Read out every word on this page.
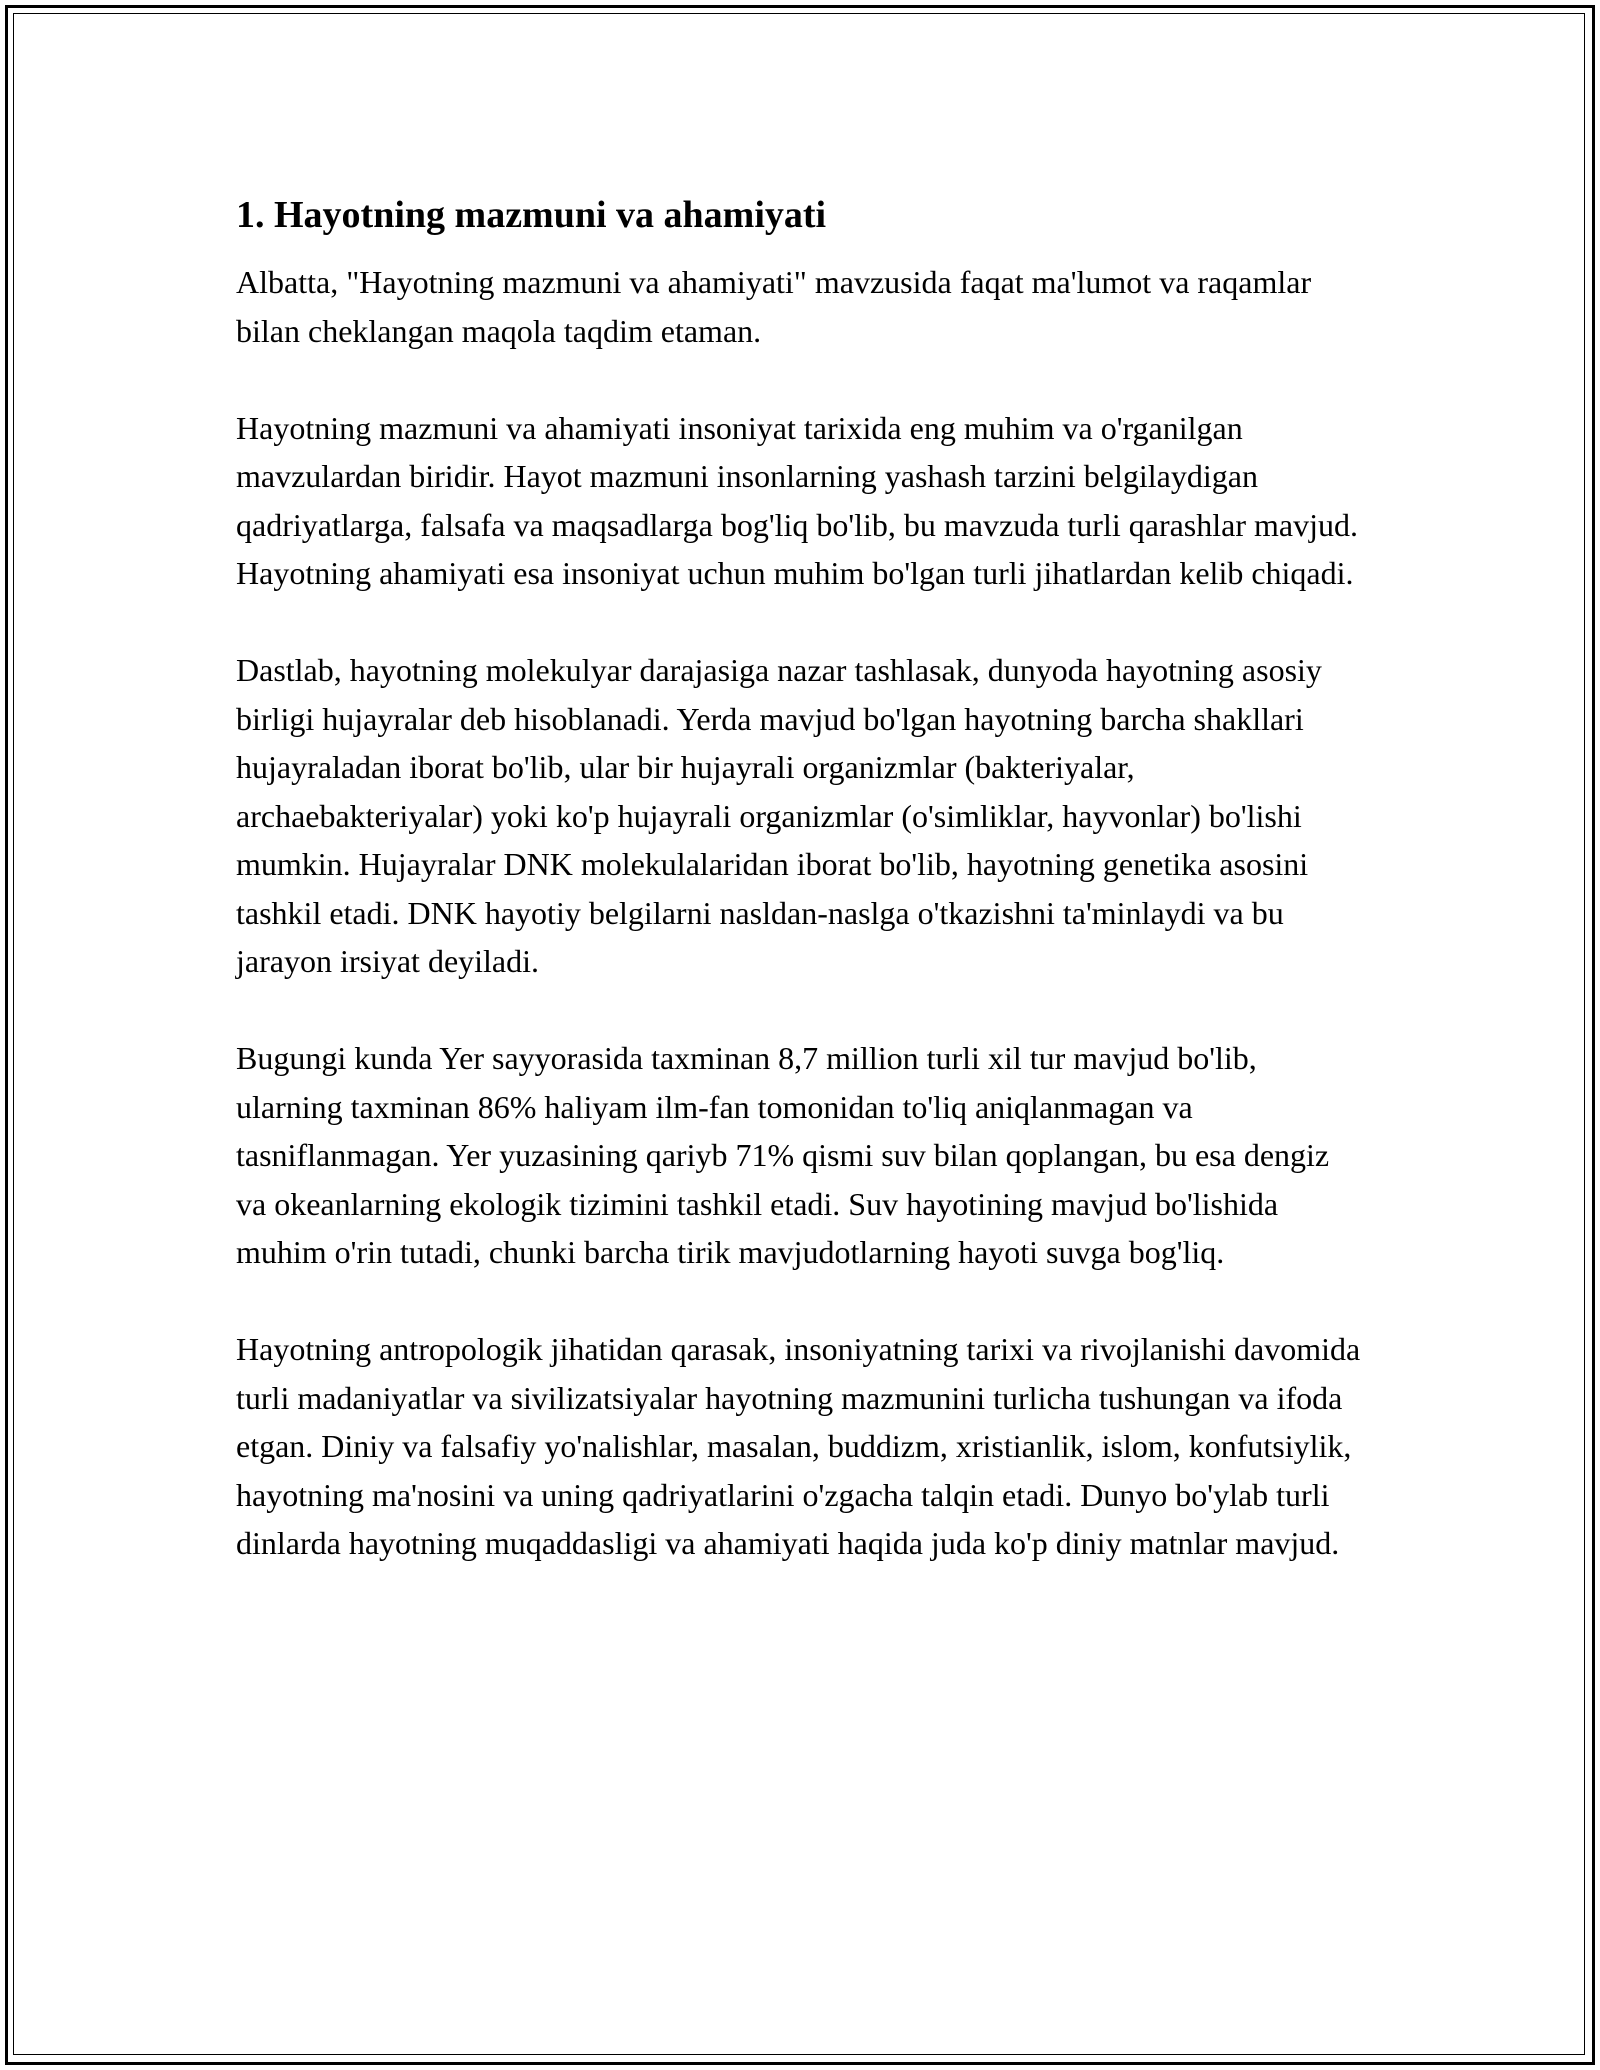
1. Hayotning mazmuni va ahamiyati

Albatta, "Hayotning mazmuni va ahamiyati" mavzusida faqat ma'lumot va raqamlar bilan cheklangan maqola taqdim etaman.

Hayotning mazmuni va ahamiyati insoniyat tarixida eng muhim va o'rganilgan mavzulardan biridir. Hayot mazmuni insonlarning yashash tarzini belgilaydigan qadriyatlarga, falsafa va maqsadlarga bog'liq bo'lib, bu mavzuda turli qarashlar mavjud. Hayotning ahamiyati esa insoniyat uchun muhim bo'lgan turli jihatlardan kelib chiqadi.

Dastlab, hayotning molekulyar darajasiga nazar tashlasak, dunyoda hayotning asosiy birligi hujayralar deb hisoblanadi. Yerda mavjud bo'lgan hayotning barcha shakllari hujayraladan iborat bo'lib, ular bir hujayrali organizmlar (bakteriyalar, archaebakteriyalar) yoki ko'p hujayrali organizmlar (o'simliklar, hayvonlar) bo'lishi mumkin. Hujayralar DNK molekulalaridan iborat bo'lib, hayotning genetika asosini tashkil etadi. DNK hayotiy belgilarni nasldan-naslga o'tkazishni ta'minlaydi va bu jarayon irsiyat deyiladi.

Bugungi kunda Yer sayyorasida taxminan 8,7 million turli xil tur mavjud bo'lib, ularning taxminan 86% haliyam ilm-fan tomonidan to'liq aniqlanmagan va tasniflanmagan. Yer yuzasining qariyb 71% qismi suv bilan qoplangan, bu esa dengiz va okeanlarning ekologik tizimini tashkil etadi. Suv hayotining mavjud bo'lishida muhim o'rin tutadi, chunki barcha tirik mavjudotlarning hayoti suvga bog'liq.

Hayotning antropologik jihatidan qarasak, insoniyatning tarixi va rivojlanishi davomida turli madaniyatlar va sivilizatsiyalar hayotning mazmunini turlicha tushungan va ifoda etgan. Diniy va falsafiy yo'nalishlar, masalan, buddizm, xristianlik, islom, konfutsiylik, hayotning ma'nosini va uning qadriyatlarini o'zgacha talqin etadi. Dunyo bo'ylab turli dinlarda hayotning muqaddasligi va ahamiyati haqida juda ko'p diniy matnlar mavjud.
